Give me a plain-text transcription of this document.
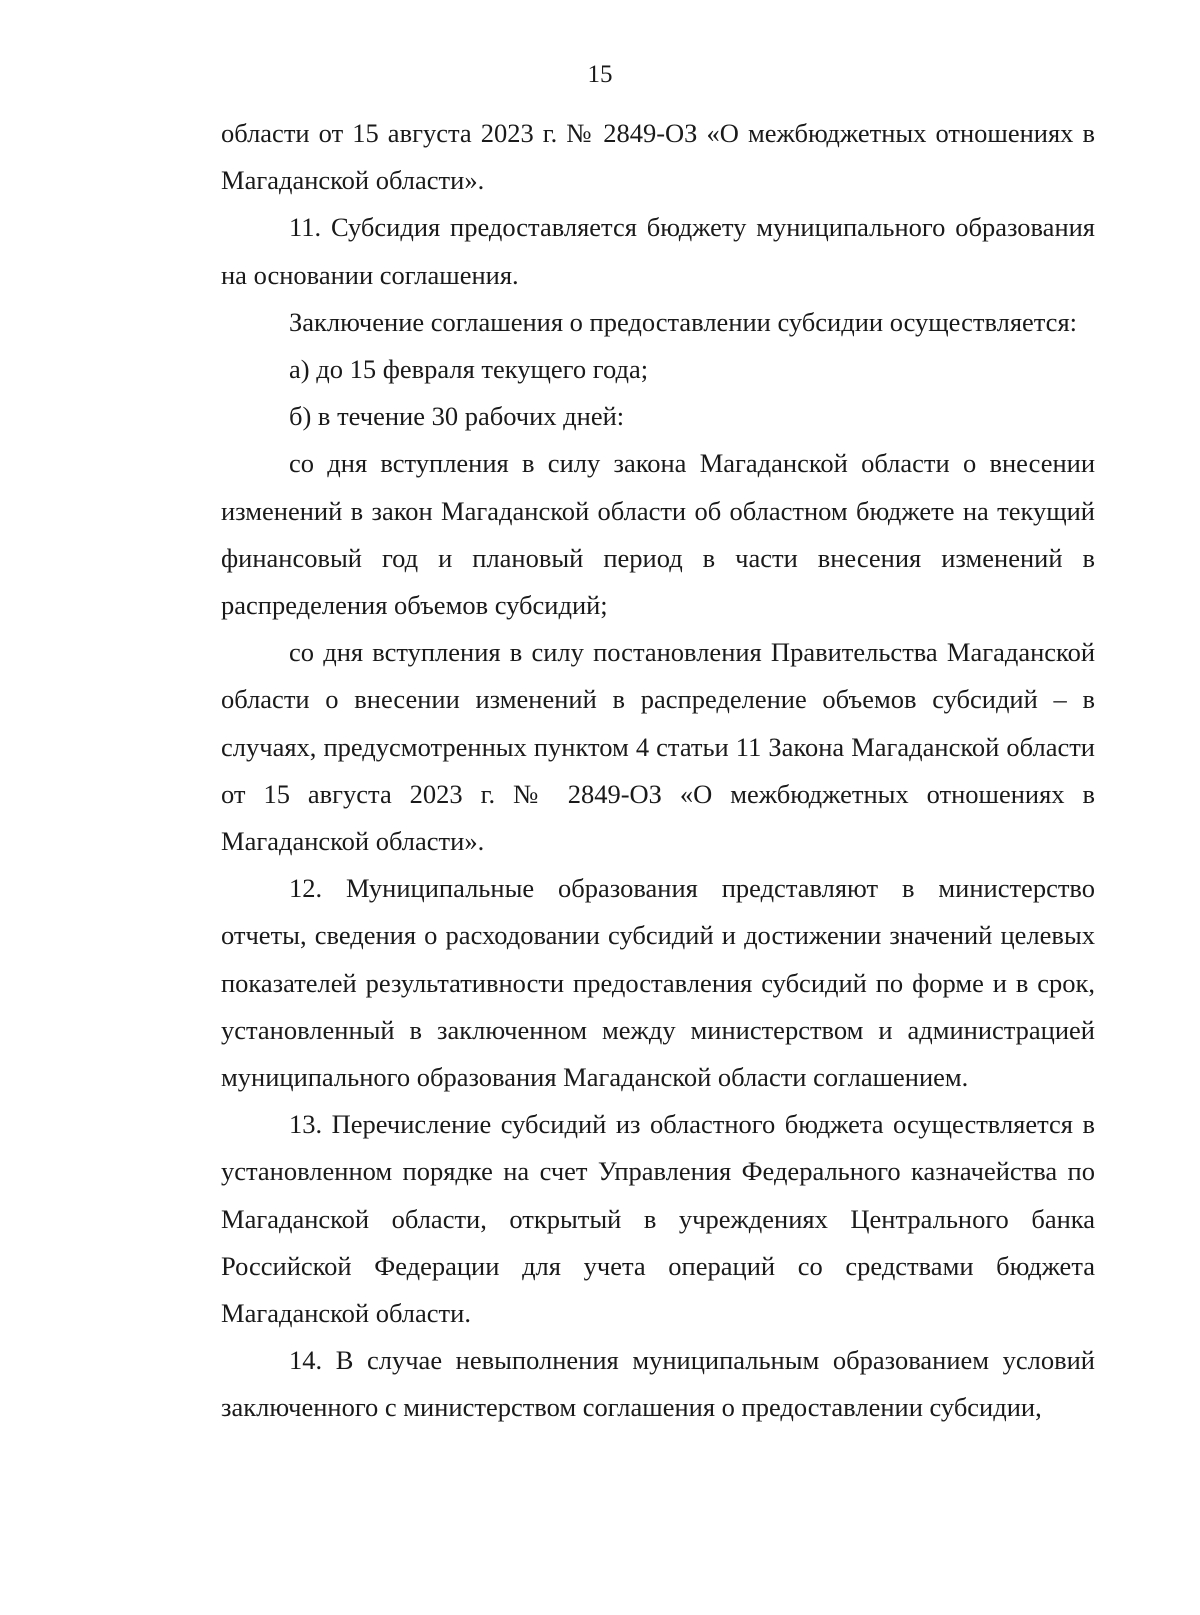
15

области от 15 августа 2023 г. № 2849-ОЗ «О межбюджетных отношениях в Магаданской области».

11. Субсидия предоставляется бюджету муниципального образования на основании соглашения.

Заключение соглашения о предоставлении субсидии осуществляется:

а) до 15 февраля текущего года;

б) в течение 30 рабочих дней:

со дня вступления в силу закона Магаданской области о внесении изменений в закон Магаданской области об областном бюджете на текущий финансовый год и плановый период в части внесения изменений в распределения объемов субсидий;

со дня вступления в силу постановления Правительства Магаданской области о внесении изменений в распределение объемов субсидий – в случаях, предусмотренных пунктом 4 статьи 11 Закона Магаданской области от 15 августа 2023 г. № 2849-ОЗ «О межбюджетных отношениях в Магаданской области».

12. Муниципальные образования представляют в министерство отчеты, сведения о расходовании субсидий и достижении значений целевых показателей результативности предоставления субсидий по форме и в срок, установленный в заключенном между министерством и администрацией муниципального образования Магаданской области соглашением.

13. Перечисление субсидий из областного бюджета осуществляется в установленном порядке на счет Управления Федерального казначейства по Магаданской области, открытый в учреждениях Центрального банка Российской Федерации для учета операций со средствами бюджета Магаданской области.

14. В случае невыполнения муниципальным образованием условий заключенного с министерством соглашения о предоставлении субсидии,
